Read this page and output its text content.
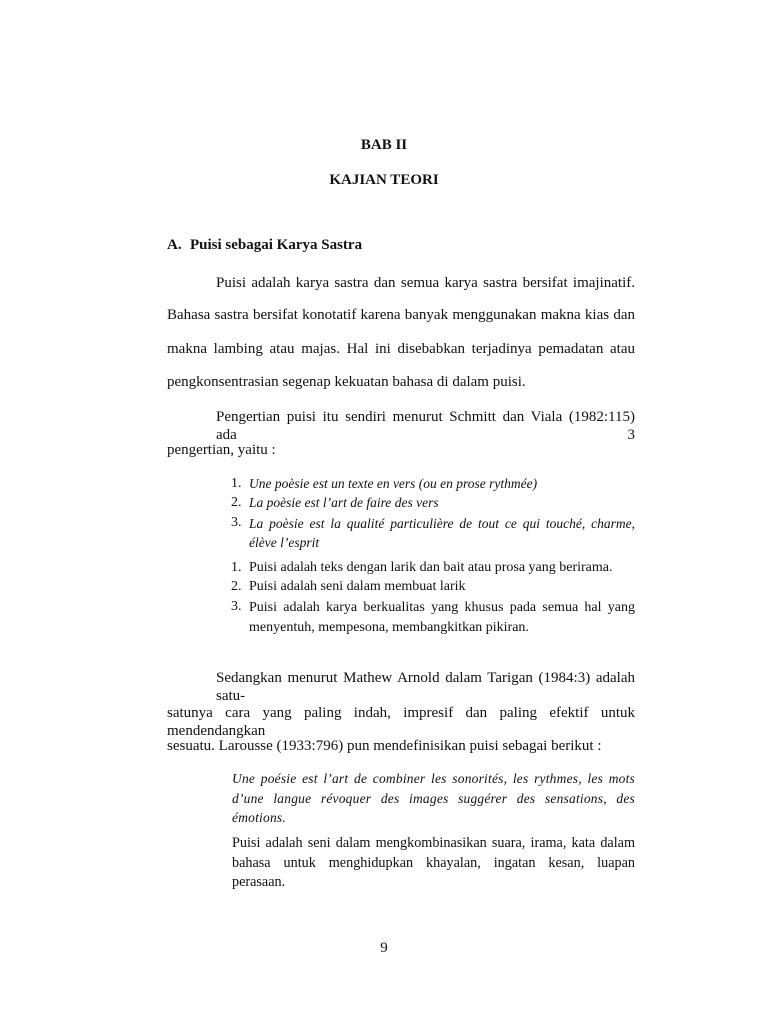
BAB II
KAJIAN TEORI
A. Puisi sebagai Karya Sastra
Puisi adalah karya sastra dan semua karya sastra bersifat imajinatif.
Bahasa sastra bersifat konotatif karena banyak menggunakan makna kias dan
makna lambing atau majas. Hal ini disebabkan terjadinya pemadatan atau
pengkonsentrasian segenap kekuatan bahasa di dalam puisi.
Pengertian puisi itu sendiri menurut Schmitt dan Viala (1982:115) ada 3
pengertian, yaitu :
1. Une poèsie est un texte en vers (ou en prose rythmée)
2. La poèsie est l’art de faire des vers
3. La poèsie est la qualité particulière de tout ce qui touché, charme, élève l’esprit
1. Puisi adalah teks dengan larik dan bait atau prosa yang berirama.
2. Puisi adalah seni dalam membuat larik
3. Puisi adalah karya berkualitas yang khusus pada semua hal yang menyentuh, mempesona, membangkitkan pikiran.
Sedangkan menurut Mathew Arnold dalam Tarigan (1984:3) adalah satu-
satunya cara yang paling indah, impresif dan paling efektif untuk mendendangkan
sesuatu. Larousse (1933:796) pun mendefinisikan puisi sebagai berikut :
Une poésie est l’art de combiner les sonorités, les rythmes, les mots d’une langue révoquer des images suggérer des sensations, des émotions.
Puisi adalah seni dalam mengkombinasikan suara, irama, kata dalam bahasa untuk menghidupkan khayalan, ingatan kesan, luapan perasaan.
9
